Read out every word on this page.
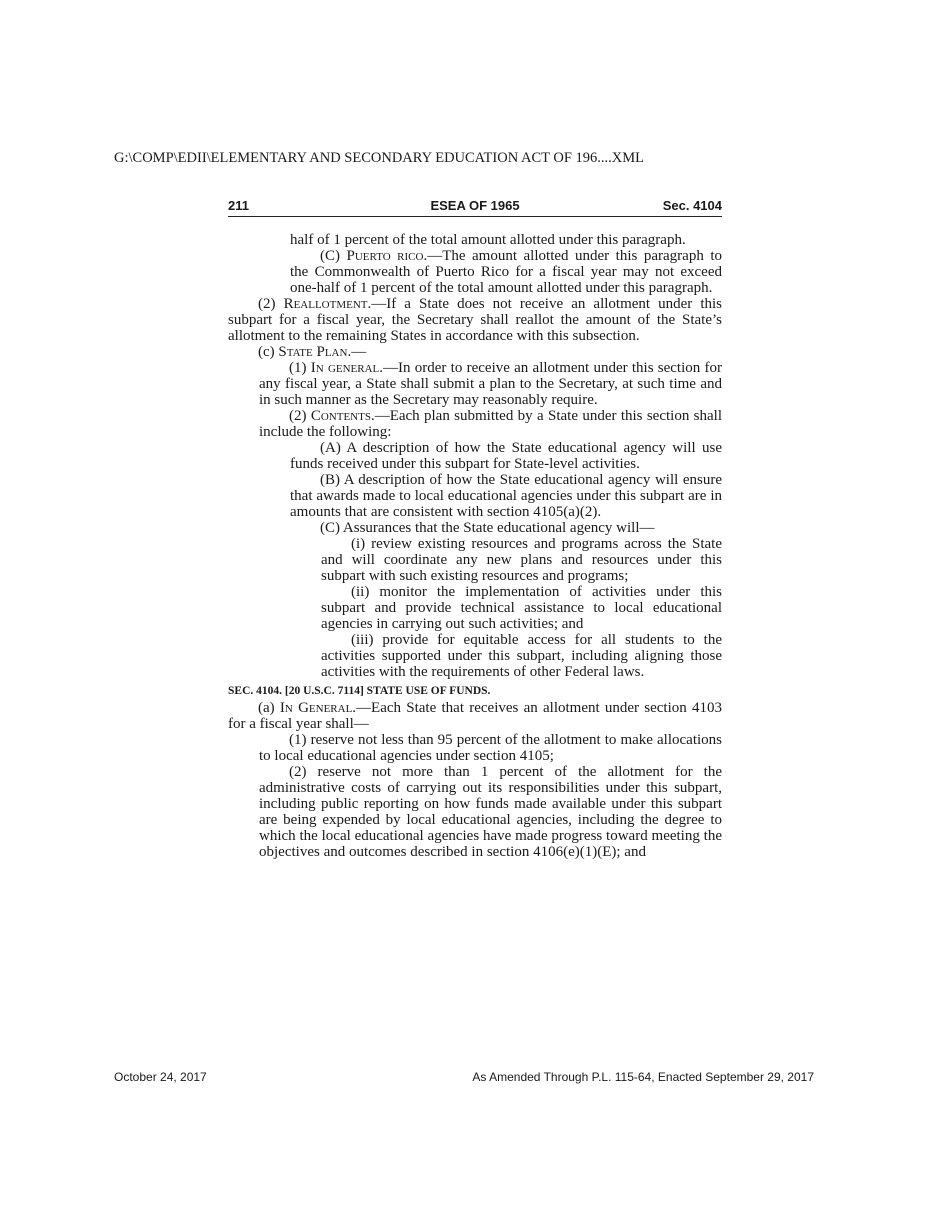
G:\COMP\EDII\ELEMENTARY AND SECONDARY EDUCATION ACT OF 196....XML
211	ESEA OF 1965	Sec. 4104

half of 1 percent of the total amount allotted under this paragraph.

(C) Puerto rico.—The amount allotted under this paragraph to the Commonwealth of Puerto Rico for a fiscal year may not exceed one-half of 1 percent of the total amount allotted under this paragraph.

(2) Reallotment.—If a State does not receive an allotment under this subpart for a fiscal year, the Secretary shall reallot the amount of the State’s allotment to the remaining States in accordance with this subsection.

(c) State Plan.—

(1) In general.—In order to receive an allotment under this section for any fiscal year, a State shall submit a plan to the Secretary, at such time and in such manner as the Secretary may reasonably require.

(2) Contents.—Each plan submitted by a State under this section shall include the following:

(A) A description of how the State educational agency will use funds received under this subpart for State-level activities.

(B) A description of how the State educational agency will ensure that awards made to local educational agencies under this subpart are in amounts that are consistent with section 4105(a)(2).

(C) Assurances that the State educational agency will—

(i) review existing resources and programs across the State and will coordinate any new plans and resources under this subpart with such existing resources and programs;

(ii) monitor the implementation of activities under this subpart and provide technical assistance to local educational agencies in carrying out such activities; and

(iii) provide for equitable access for all students to the activities supported under this subpart, including aligning those activities with the requirements of other Federal laws.

SEC. 4104. [20 U.S.C. 7114] STATE USE OF FUNDS.

(a) In General.—Each State that receives an allotment under section 4103 for a fiscal year shall—

(1) reserve not less than 95 percent of the allotment to make allocations to local educational agencies under section 4105;

(2) reserve not more than 1 percent of the allotment for the administrative costs of carrying out its responsibilities under this subpart, including public reporting on how funds made available under this subpart are being expended by local educational agencies, including the degree to which the local educational agencies have made progress toward meeting the objectives and outcomes described in section 4106(e)(1)(E); and

October 24, 2017	As Amended Through P.L. 115-64, Enacted September 29, 2017
